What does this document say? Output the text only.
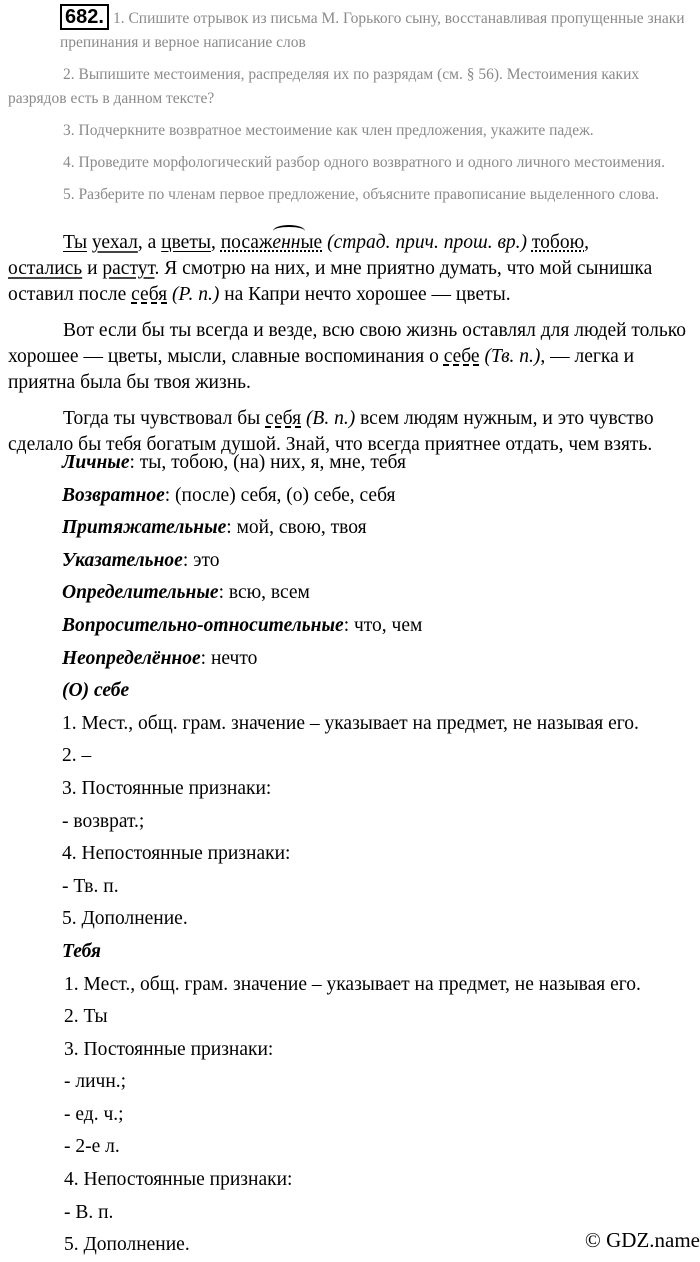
682. 1. Спишите отрывок из письма М. Горького сыну, восстанавливая пропущенные знаки препинания и верное написание слов

2. Выпишите местоимения, распределяя их по разрядам (см. § 56). Местоимения каких разрядов есть в данном тексте?

3. Подчеркните возвратное местоимение как член предложения, укажите падеж.

4. Проведите морфологический разбор одного возвратного и одного личного местоимения.

5. Разберите по членам первое предложение, объясните правописание выделенного слова.

Ты уехал, а цветы, посаженные (страд. прич. прош. вр.) тобою,
остались и растут. Я смотрю на них, и мне приятно думать, что мой сынишка оставил после себя (Р. п.) на Капри нечто хорошее — цветы.

Вот если бы ты всегда и везде, всю свою жизнь оставлял для людей только хорошее — цветы, мысли, славные воспоминания о себе (Тв. п.), — легка и приятна была бы твоя жизнь.

Тогда ты чувствовал бы себя (В. п.) всем людям нужным, и это чувство сделало бы тебя богатым душой. Знай, что всегда приятнее отдать, чем взять.

Личные: ты, тобою, (на) них, я, мне, тебя
Возвратное: (после) себя, (о) себе, себя
Притяжательные: мой, свою, твоя
Указательное: это
Определительные: всю, всем
Вопросительно-относительные: что, чем
Неопределённое: нечто
(О) себе
1. Мест., общ. грам. значение – указывает на предмет, не называя его.
2. –
3. Постоянные признаки:
- возврат.;
4. Непостоянные признаки:
- Тв. п.
5. Дополнение.
Тебя
1. Мест., общ. грам. значение – указывает на предмет, не называя его.
2. Ты
3. Постоянные признаки:
- личн.;
- ед. ч.;
- 2-е л.
4. Непостоянные признаки:
- В. п.
5. Дополнение.	© GDZ.name
